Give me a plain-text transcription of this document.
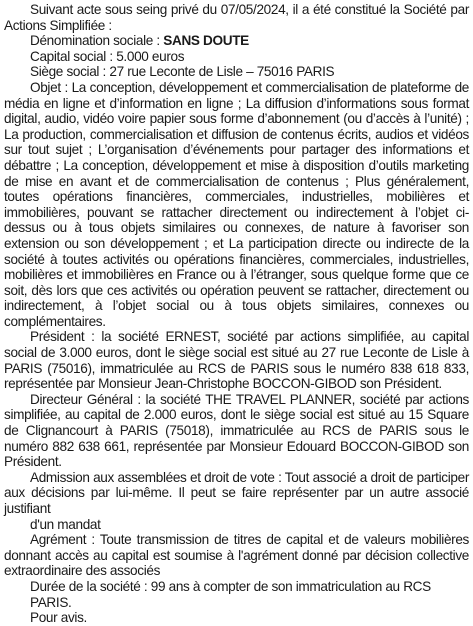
Suivant acte sous seing privé du 07/05/2024, il a été constitué la Société par Actions Simplifiée :

Dénomination sociale : SANS DOUTE

Capital social : 5.000 euros

Siège social : 27 rue Leconte de Lisle – 75016 PARIS

Objet : La conception, développement et commercialisation de plateforme de média en ligne et d’information en ligne ; La diffusion d’informations sous format digital, audio, vidéo voire papier sous forme d’abonnement (ou d’accès à l’unité) ; La production, commercialisation et diffusion de contenus écrits, audios et vidéos sur tout sujet ; L’organisation d’événements pour partager des informations et débattre ; La conception, développement et mise à disposition d’outils marketing de mise en avant et de commercialisation de contenus ; Plus généralement, toutes opérations financières, commerciales, industrielles, mobilières et immobilières, pouvant se rattacher directement ou indirectement à l’objet ci-dessus ou à tous objets similaires ou connexes, de nature à favoriser son extension ou son développement ; et La participation directe ou indirecte de la société à toutes activités ou opérations financières, commerciales, industrielles, mobilières et immobilières en France ou à l’étranger, sous quelque forme que ce soit, dès lors que ces activités ou opération peuvent se rattacher, directement ou indirectement, à l’objet social ou à tous objets similaires, connexes ou complémentaires.

Président : la société ERNEST, société par actions simplifiée, au capital social de 3.000 euros, dont le siège social est situé au 27 rue Leconte de Lisle à PARIS (75016), immatriculée au RCS de PARIS sous le numéro 838 618 833, représentée par Monsieur Jean-Christophe BOCCON-GIBOD son Président.

Directeur Général : la société THE TRAVEL PLANNER, société par actions simplifiée, au capital de 2.000 euros, dont le siège social est situé au 15 Square de Clignancourt à PARIS (75018), immatriculée au RCS de PARIS sous le numéro 882 638 661, représentée par Monsieur Edouard BOCCON-GIBOD son Président.

Admission aux assemblées et droit de vote : Tout associé a droit de participer aux décisions par lui-même. Il peut se faire représenter par un autre associé justifiant

d'un mandat

Agrément : Toute transmission de titres de capital et de valeurs mobilières donnant accès au capital est soumise à l'agrément donné par décision collective extraordinaire des associés

Durée de la société : 99 ans à compter de son immatriculation au RCS PARIS.

Pour avis.
